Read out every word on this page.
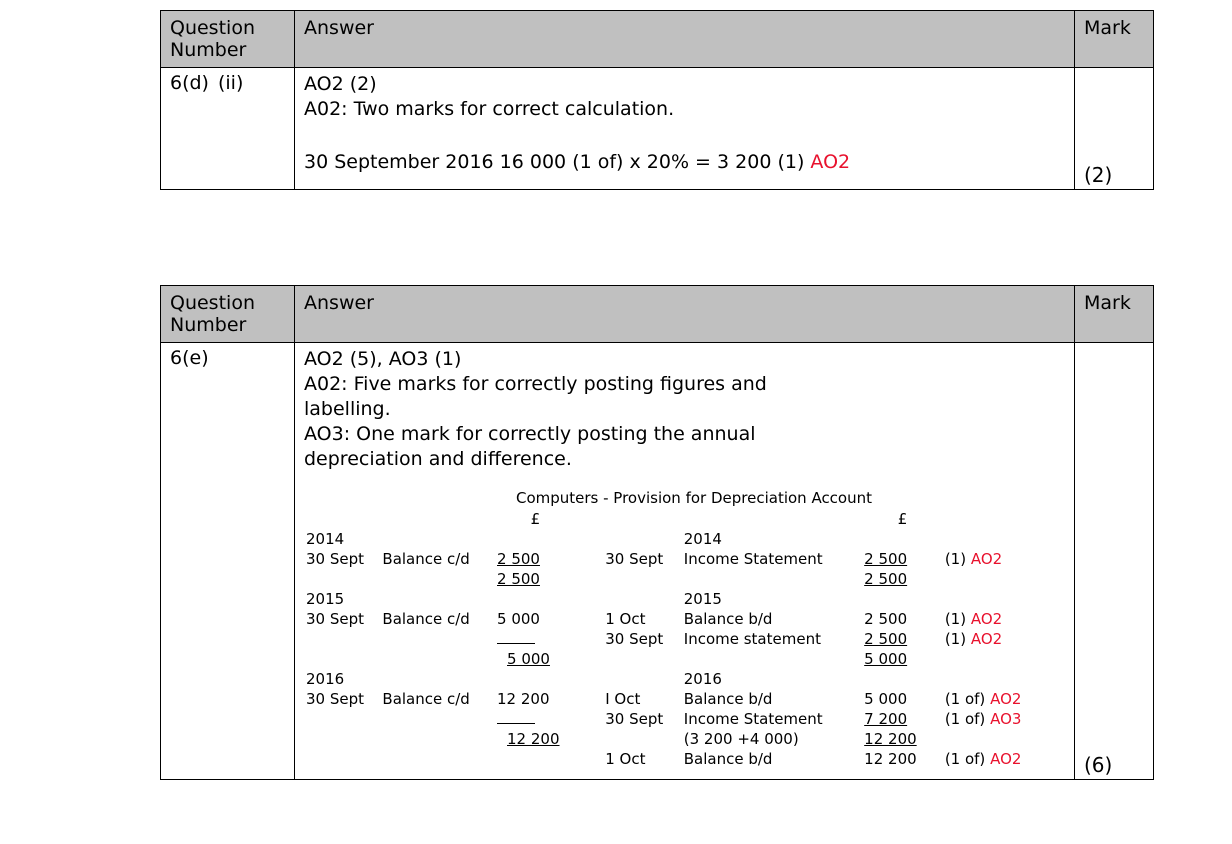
Question Number	Answer	Mark
6(d) (ii)	AO2 (2)
A02: Two marks for correct calculation.

30 September 2016 16 000 (1 of) x 20% = 3 200 (1) AO2	(2)
Question Number	Answer	Mark
6(e)	AO2 (5), AO3 (1)
A02: Five marks for correctly posting figures and
labelling.
AO3: One mark for correctly posting the annual
depreciation and difference.
Computers - Provision for Depreciation Account
		£				£	
2014					2014		
30 Sept	Balance c/d	2 500		30 Sept	Income Statement	2 500	(1) AO2
		2 500				2 500	
2015					2015		
30 Sept	Balance c/d	5 000		1 Oct	Balance b/d	2 500	(1) AO2
				30 Sept	Income statement	2 500	(1) AO2
		5 000				5 000	
2016					2016		
30 Sept	Balance c/d	12 200		I Oct	Balance b/d	5 000	(1 of) AO2
				30 Sept	Income Statement	7 200	(1 of) AO3
		12 200			(3 200 +4 000)	12 200	
				1 Oct	Balance b/d	12 200	(1 of) AO2

		(6)
